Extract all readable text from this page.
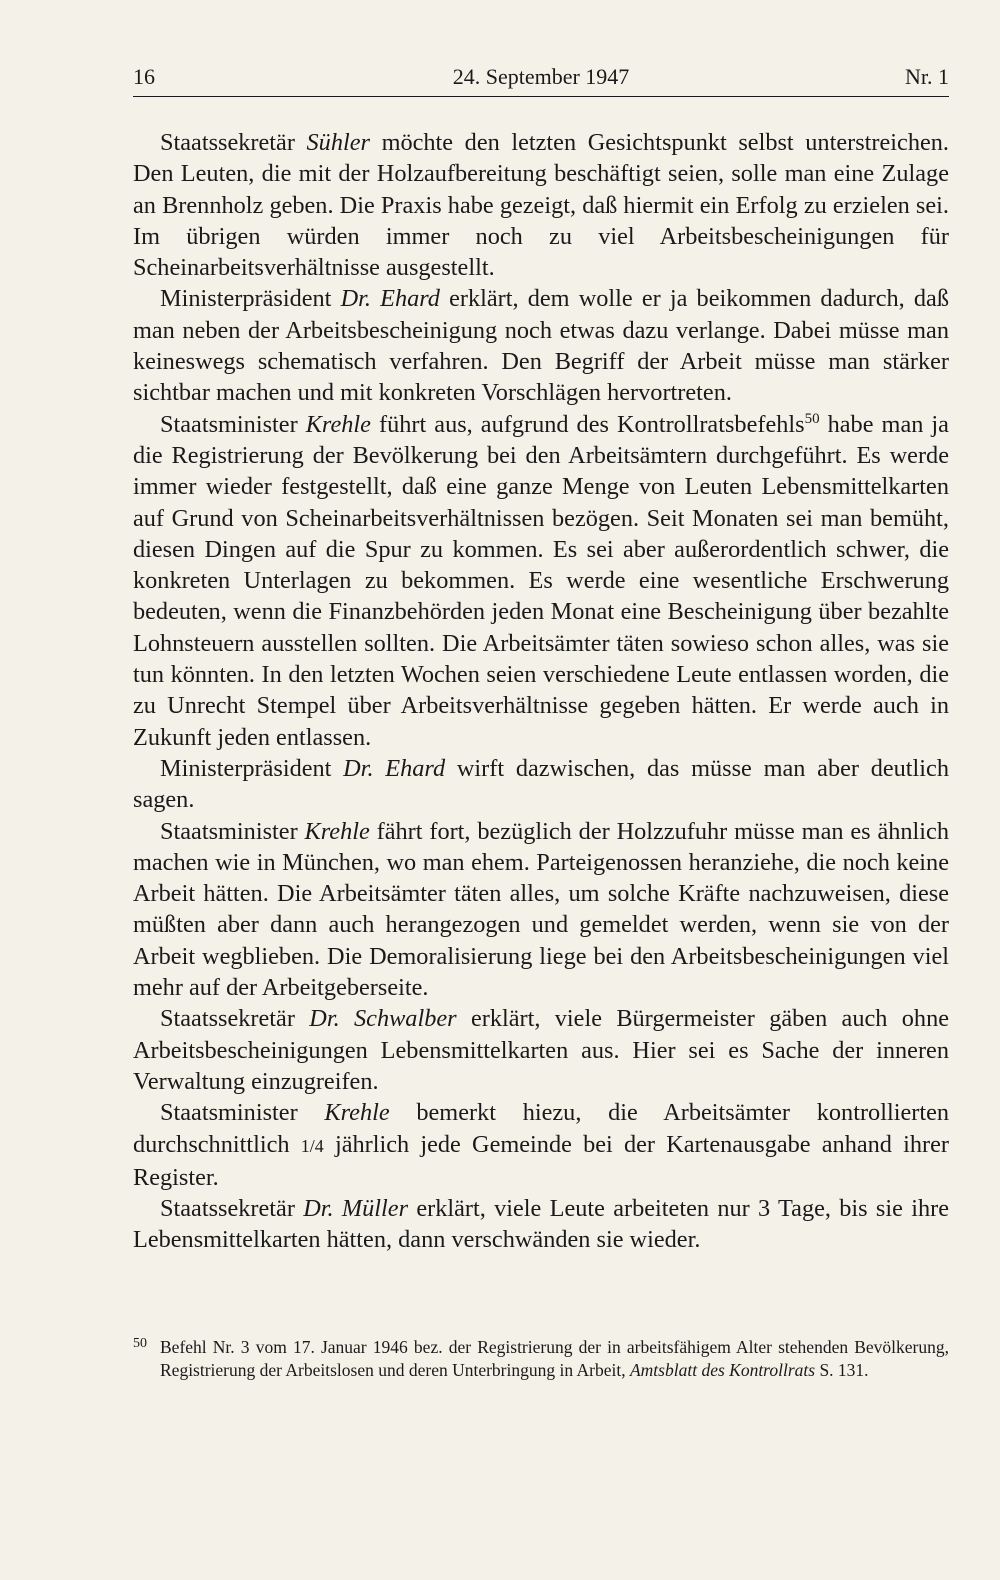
16	24. September 1947	Nr. 1

Staatssekretär Sühler möchte den letzten Gesichtspunkt selbst unterstreichen. Den Leuten, die mit der Holzaufbereitung beschäftigt seien, solle man eine Zulage an Brennholz geben. Die Praxis habe gezeigt, daß hiermit ein Erfolg zu erzielen sei. Im übrigen würden immer noch zu viel Arbeitsbescheinigungen für Scheinarbeitsverhältnisse ausgestellt.

Ministerpräsident Dr. Ehard erklärt, dem wolle er ja beikommen dadurch, daß man neben der Arbeitsbescheinigung noch etwas dazu verlange. Dabei müsse man keineswegs schematisch verfahren. Den Begriff der Arbeit müsse man stärker sichtbar machen und mit konkreten Vorschlägen hervortreten.

Staatsminister Krehle führt aus, aufgrund des Kontrollratsbefehls$^{50}$ habe man ja die Registrierung der Bevölkerung bei den Arbeitsämtern durchgeführt. Es werde immer wieder festgestellt, daß eine ganze Menge von Leuten Lebensmittelkarten auf Grund von Scheinarbeitsverhältnissen bezögen. Seit Monaten sei man bemüht, diesen Dingen auf die Spur zu kommen. Es sei aber außerordentlich schwer, die konkreten Unterlagen zu bekommen. Es werde eine wesentliche Erschwerung bedeuten, wenn die Finanzbehörden jeden Monat eine Bescheinigung über bezahlte Lohnsteuern ausstellen sollten. Die Arbeitsämter täten sowieso schon alles, was sie tun könnten. In den letzten Wochen seien verschiedene Leute entlassen worden, die zu Unrecht Stempel über Arbeitsverhältnisse gegeben hätten. Er werde auch in Zukunft jeden entlassen.

Ministerpräsident Dr. Ehard wirft dazwischen, das müsse man aber deutlich sagen.

Staatsminister Krehle fährt fort, bezüglich der Holzzufuhr müsse man es ähnlich machen wie in München, wo man ehem. Parteigenossen heranziehe, die noch keine Arbeit hätten. Die Arbeitsämter täten alles, um solche Kräfte nachzuweisen, diese müßten aber dann auch herangezogen und gemeldet werden, wenn sie von der Arbeit wegblieben. Die Demoralisierung liege bei den Arbeitsbescheinigungen viel mehr auf der Arbeitgeberseite.

Staatssekretär Dr. Schwalber erklärt, viele Bürgermeister gäben auch ohne Arbeitsbescheinigungen Lebensmittelkarten aus. Hier sei es Sache der inneren Verwaltung einzugreifen.

Staatsminister Krehle bemerkt hiezu, die Arbeitsämter kontrollierten durchschnittlich 1/4 jährlich jede Gemeinde bei der Kartenausgabe anhand ihrer Register.

Staatssekretär Dr. Müller erklärt, viele Leute arbeiteten nur 3 Tage, bis sie ihre Lebensmittelkarten hätten, dann verschwänden sie wieder.

50 Befehl Nr. 3 vom 17. Januar 1946 bez. der Registrierung der in arbeitsfähigem Alter stehenden Bevölkerung, Registrierung der Arbeitslosen und deren Unterbringung in Arbeit, Amtsblatt des Kontrollrats S. 131.
